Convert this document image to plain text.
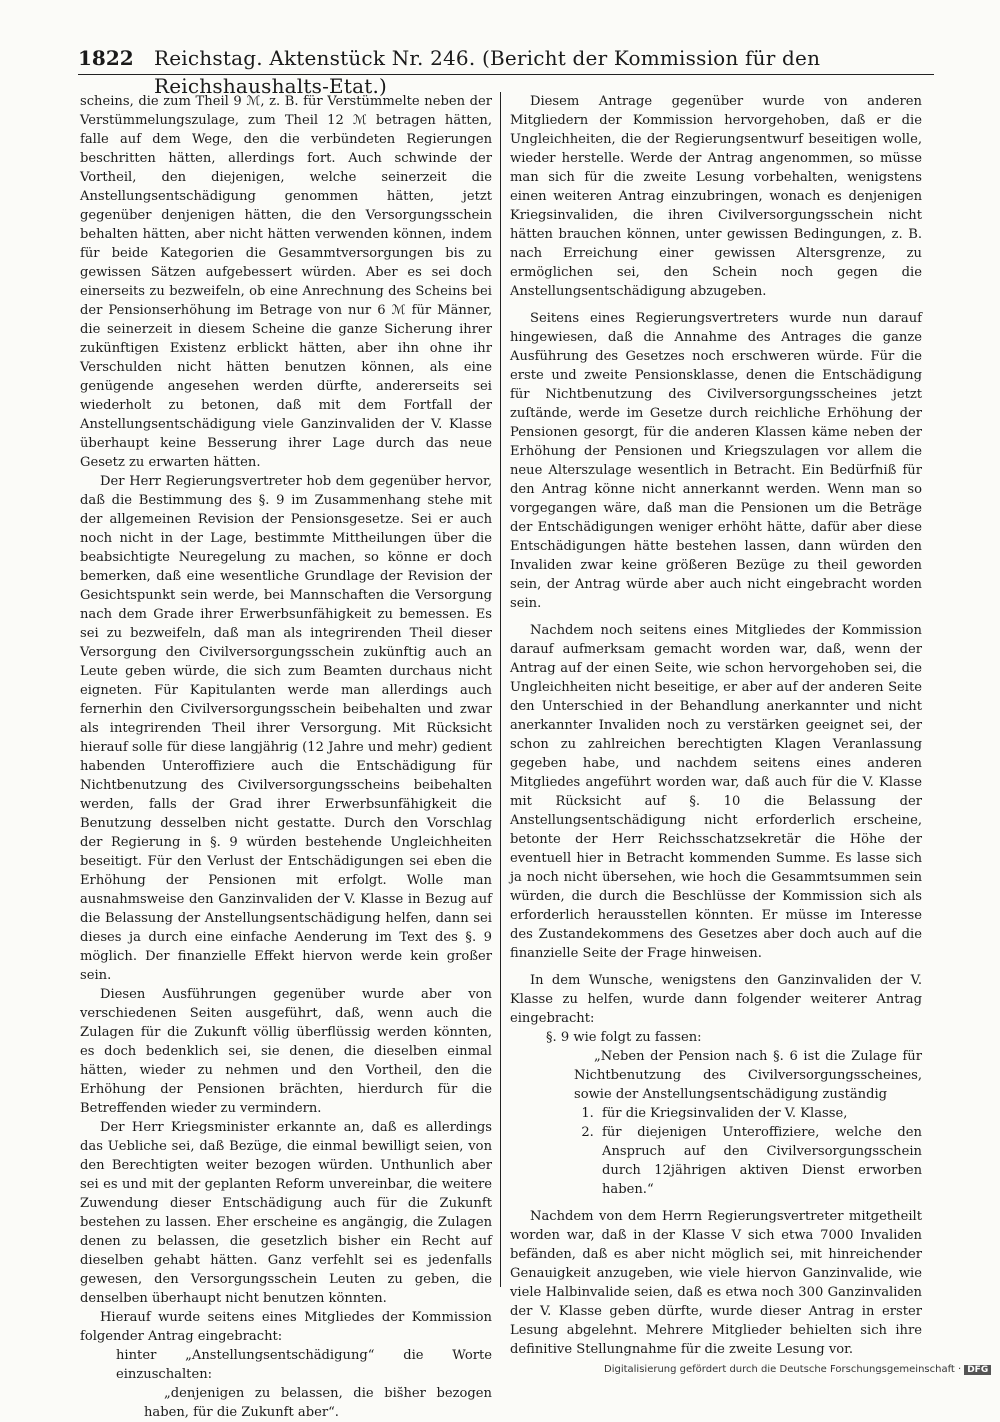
1822 Reichstag. Aktenstück Nr. 246. (Bericht der Kommission für den Reichshaushalts-Etat.)

scheins, die zum Theil 9 ℳ, z. B. für Verstümmelte neben der Verstümmelungszulage, zum Theil 12 ℳ betragen hätten, falle auf dem Wege, den die verbündeten Regierungen beschritten hätten, allerdings fort. Auch schwinde der Vortheil, den diejenigen, welche seinerzeit die Anstellungsentschädigung genommen hätten, jetzt gegenüber denjenigen hätten, die den Versorgungsschein behalten hätten, aber nicht hätten verwenden können, indem für beide Kategorien die Gesammtversorgungen bis zu gewissen Sätzen aufgebessert würden. Aber es sei doch einerseits zu bezweifeln, ob eine Anrechnung des Scheins bei der Pensionserhöhung im Betrage von nur 6 ℳ für Männer, die seinerzeit in diesem Scheine die ganze Sicherung ihrer zukünftigen Existenz erblickt hätten, aber ihn ohne ihr Verschulden nicht hätten benutzen können, als eine genügende angesehen werden dürfte, andererseits sei wiederholt zu betonen, daß mit dem Fortfall der Anstellungsentschädigung viele Ganzinvaliden der V. Klasse überhaupt keine Besserung ihrer Lage durch das neue Gesetz zu erwarten hätten.

Der Herr Regierungsvertreter hob dem gegenüber hervor, daß die Bestimmung des §. 9 im Zusammenhang stehe mit der allgemeinen Revision der Pensionsgesetze. Sei er auch noch nicht in der Lage, bestimmte Mittheilungen über die beabsichtigte Neuregelung zu machen, so könne er doch bemerken, daß eine wesentliche Grundlage der Revision der Gesichtspunkt sein werde, bei Mannschaften die Versorgung nach dem Grade ihrer Erwerbsunfähigkeit zu bemessen. Es sei zu bezweifeln, daß man als integrirenden Theil dieser Versorgung den Civilversorgungsschein zukünftig auch an Leute geben würde, die sich zum Beamten durchaus nicht eigneten. Für Kapitulanten werde man allerdings auch fernerhin den Civilversorgungsschein beibehalten und zwar als integrirenden Theil ihrer Versorgung. Mit Rücksicht hierauf solle für diese langjährig (12 Jahre und mehr) gedient habenden Unteroffiziere auch die Entschädigung für Nichtbenutzung des Civilversorgungsscheins beibehalten werden, falls der Grad ihrer Erwerbsunfähigkeit die Benutzung desselben nicht gestatte. Durch den Vorschlag der Regierung in §. 9 würden bestehende Ungleichheiten beseitigt. Für den Verlust der Entschädigungen sei eben die Erhöhung der Pensionen mit erfolgt. Wolle man ausnahmsweise den Ganzinvaliden der V. Klasse in Bezug auf die Belassung der Anstellungsentschädigung helfen, dann sei dieses ja durch eine einfache Aenderung im Text des §. 9 möglich. Der finanzielle Effekt hiervon werde kein großer sein.

Diesen Ausführungen gegenüber wurde aber von verschiedenen Seiten ausgeführt, daß, wenn auch die Zulagen für die Zukunft völlig überflüssig werden könnten, es doch bedenklich sei, sie denen, die dieselben einmal hätten, wieder zu nehmen und den Vortheil, den die Erhöhung der Pensionen brächten, hierdurch für die Betreffenden wieder zu vermindern.

Der Herr Kriegsminister erkannte an, daß es allerdings das Uebliche sei, daß Bezüge, die einmal bewilligt seien, von den Berechtigten weiter bezogen würden. Unthunlich aber sei es und mit der geplanten Reform unvereinbar, die weitere Zuwendung dieser Entschädigung auch für die Zukunft bestehen zu lassen. Eher erscheine es angängig, die Zulagen denen zu belassen, die gesetzlich bisher ein Recht auf dieselben gehabt hätten. Ganz verfehlt sei es jedenfalls gewesen, den Versorgungsschein Leuten zu geben, die denselben überhaupt nicht benutzen könnten.

Hierauf wurde seitens eines Mitgliedes der Kommission folgender Antrag eingebracht:

hinter „Anstellungsentschädigung“ die Worte einzuschalten:

„denjenigen zu belassen, die bis̆her bezogen haben, für die Zukunft aber“.

Diesem Antrage gegenüber wurde von anderen Mitgliedern der Kommission hervorgehoben, daß er die Ungleichheiten, die der Regierungsentwurf beseitigen wolle, wieder herstelle. Werde der Antrag angenommen, so müsse man sich für die zweite Lesung vorbehalten, wenigstens einen weiteren Antrag einzubringen, wonach es denjenigen Kriegsinvaliden, die ihren Civilversorgungsschein nicht hätten brauchen können, unter gewissen Bedingungen, z. B. nach Erreichung einer gewissen Altersgrenze, zu ermöglichen sei, den Schein noch gegen die Anstellungsentschädigung abzugeben.

Seitens eines Regierungsvertreters wurde nun darauf hingewiesen, daß die Annahme des Antrages die ganze Ausführung des Gesetzes noch erschweren würde. Für die erste und zweite Pensionsklasse, denen die Entschädigung für Nichtbenutzung des Civilversorgungsscheines jetzt zuſtände, werde im Gesetze durch reichliche Erhöhung der Pensionen gesorgt, für die anderen Klassen käme neben der Erhöhung der Pensionen und Kriegszulagen vor allem die neue Alterszulage wesentlich in Betracht. Ein Bedürfniß für den Antrag könne nicht annerkannt werden. Wenn man so vorgegangen wäre, daß man die Pensionen um die Beträge der Entschädigungen weniger erhöht hätte, dafür aber diese Entschädigungen hätte bestehen lassen, dann würden den Invaliden zwar keine größeren Bezüge zu theil geworden sein, der Antrag würde aber auch nicht eingebracht worden sein.

Nachdem noch seitens eines Mitgliedes der Kommission darauf aufmerksam gemacht worden war, daß, wenn der Antrag auf der einen Seite, wie schon hervorgehoben sei, die Ungleichheiten nicht beseitige, er aber auf der anderen Seite den Unterschied in der Behandlung anerkannter und nicht anerkannter Invaliden noch zu verstärken geeignet sei, der schon zu zahlreichen berechtigten Klagen Veranlassung gegeben habe, und nachdem seitens eines anderen Mitgliedes angeführt worden war, daß auch für die V. Klasse mit Rücksicht auf §. 10 die Belassung der Anstellungsentschädigung nicht erforderlich erscheine, betonte der Herr Reichsschatzsekretär die Höhe der eventuell hier in Betracht kommenden Summe. Es lasse sich ja noch nicht übersehen, wie hoch die Gesammtsummen sein würden, die durch die Beschlüsse der Kommission sich als erforderlich herausstellen könnten. Er müsse im Interesse des Zustandekommens des Gesetzes aber doch auch auf die finanzielle Seite der Frage hinweisen.

In dem Wunsche, wenigstens den Ganzinvaliden der V. Klasse zu helfen, wurde dann folgender weiterer Antrag eingebracht:

§. 9 wie folgt zu fassen:

„Neben der Pension nach §. 6 ist die Zulage für Nichtbenutzung des Civilversorgungsscheines, sowie der Anstellungsentschädigung zuständig

1. für die Kriegsinvaliden der V. Klasse,
2. für diejenigen Unteroffiziere, welche den Anspruch auf den Civilversorgungsschein durch 12jährigen aktiven Dienst erworben haben.“

Nachdem von dem Herrn Regierungsvertreter mitgetheilt worden war, daß in der Klasse V sich etwa 7000 Invaliden befänden, daß es aber nicht möglich sei, mit hinreichender Genauigkeit anzugeben, wie viele hiervon Ganzinvalide, wie viele Halbinvalide seien, daß es etwa noch 300 Ganzinvaliden der V. Klasse geben dürfte, wurde dieser Antrag in erster Lesung abgelehnt. Mehrere Mitglieder behielten sich ihre definitive Stellungnahme für die zweite Lesung vor.

Digitalisierung gefördert durch die Deutsche Forschungsgemeinschaft · DFG
